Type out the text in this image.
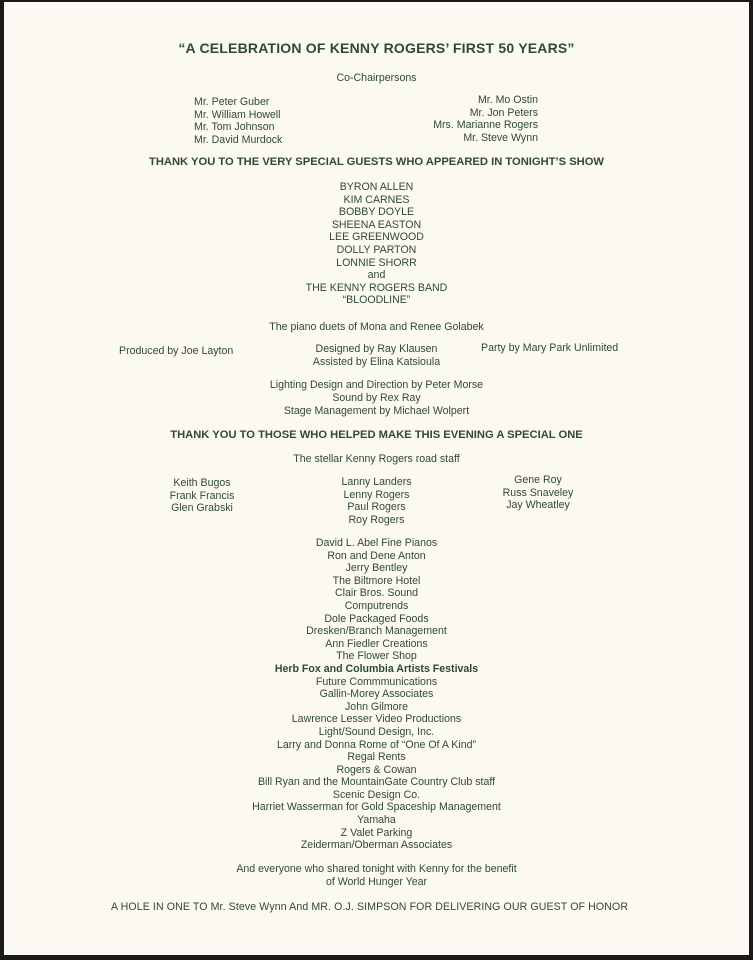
“A CELEBRATION OF KENNY ROGERS’ FIRST 50 YEARS”
Co-Chairpersons
Mr. Peter Guber
Mr. William Howell
Mr. Tom Johnson
Mr. David Murdock
Mr. Mo Ostin
Mr. Jon Peters
Mrs. Marianne Rogers
Mr. Steve Wynn
THANK YOU TO THE VERY SPECIAL GUESTS WHO APPEARED IN TONIGHT’S SHOW
BYRON ALLEN
KIM CARNES
BOBBY DOYLE
SHEENA EASTON
LEE GREENWOOD
DOLLY PARTON
LONNIE SHORR
and
THE KENNY ROGERS BAND
“BLOODLINE”
The piano duets of Mona and Renee Golabek
Produced by Joe Layton	Designed by Ray Klausen
Assisted by Elina Katsioula
Party by Mary Park Unlimited
Lighting Design and Direction by Peter Morse
Sound by Rex Ray
Stage Management by Michael Wolpert
THANK YOU TO THOSE WHO HELPED MAKE THIS EVENING A SPECIAL ONE
The stellar Kenny Rogers road staff
Keith Bugos
Frank Francis
Glen Grabski
Lanny Landers
Lenny Rogers
Paul Rogers
Roy Rogers
Gene Roy
Russ Snaveley
Jay Wheatley
David L. Abel Fine Pianos
Ron and Dene Anton
Jerry Bentley
The Biltmore Hotel
Clair Bros. Sound
Computrends
Dole Packaged Foods
Dresken/Branch Management
Ann Fiedler Creations
The Flower Shop
Herb Fox and Columbia Artists Festivals
Future Commmunications
Gallin-Morey Associates
John Gilmore
Lawrence Lesser Video Productions
Light/Sound Design, Inc.
Larry and Donna Rome of “One Of A Kind”
Regal Rents
Rogers & Cowan
Bill Ryan and the MountainGate Country Club staff
Scenic Design Co.
Harriet Wasserman for Gold Spaceship Management
Yamaha
Z Valet Parking
Zeiderman/Oberman Associates
And everyone who shared tonight with Kenny for the benefit
of World Hunger Year
A HOLE IN ONE TO Mr. Steve Wynn And MR. O.J. SIMPSON FOR DELIVERING OUR GUEST OF HONOR
